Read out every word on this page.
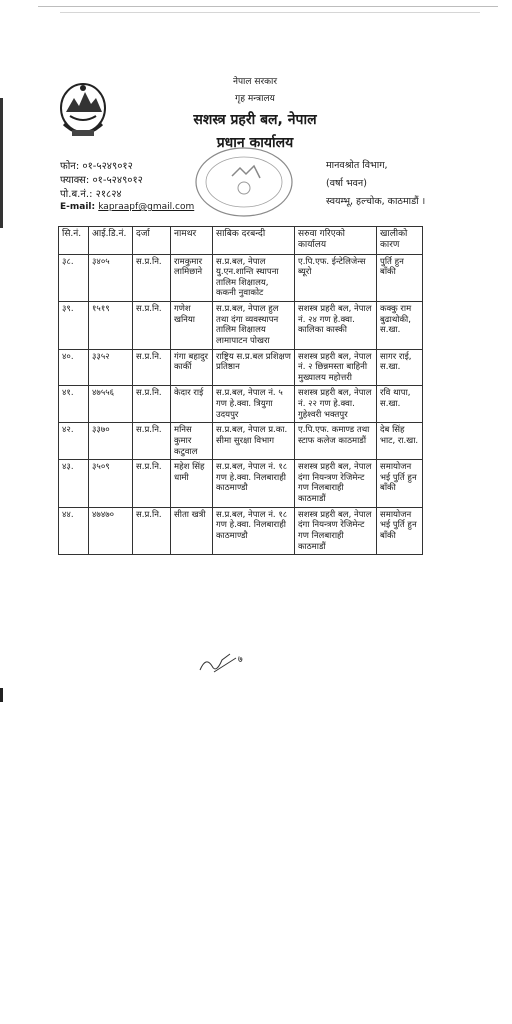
नेपाल सरकार
गृह मन्त्रालय
सशस्त्र प्रहरी बल, नेपाल
प्रधान कार्यालय
फोन: ०१-५२४९०१२
फ्याक्स: ०१-५२४९०१२
पो.ब.नं.: २१८२४
E-mail: kapraapf@gmail.com
मानवश्रोत विभाग,
(वर्षा भवन)
स्वयम्भू, हल्चोक, काठमाडौं ।
सि.नं.	आई.डि.नं.	दर्जा	नामथर	साबिक दरबन्दी	सरुवा गरिएको कार्यालय	खालीको कारण
३८.	३४०५	स.प्र.नि.	रामकुमार लामिछाने	स.प्र.बल, नेपाल यु.एन.शान्ति स्थापना तालिम शिक्षालय, ककनी नुवाकोट	ए.पि.एफ. ईन्टेलिजेन्स ब्यूरो	पुर्ति हुन बाँकी
३९.	१५१९	स.प्र.नि.	गणेश खनिया	स.प्र.बल, नेपाल हुल तथा दंगा व्यवस्थापन तालिम शिक्षालय लामापाटन पोखरा	सशस्त्र प्रहरी बल, नेपाल नं. २४ गण हे.क्वा. कालिका कास्की	कक्कु राम बुढाथोकी, स.खा.
४०.	३३५२	स.प्र.नि.	गंगा बहादुर कार्की	राष्ट्रिय स.प्र.बल प्रशिक्षण प्रतिष्ठान	सशस्त्र प्रहरी बल, नेपाल नं. २ छिन्नमस्ता बाहिनी मुख्यालय महोत्तरी	सागर राई, स.खा.
४१.	४७५५६	स.प्र.नि.	केदार राई	स.प्र.बल, नेपाल नं. ५ गण हे.क्वा. त्रियुगा उदयपुर	सशस्त्र प्रहरी बल, नेपाल नं. २२ गण हे.क्वा. गुहेश्वरी भक्तपुर	रवि थापा, स.खा.
४२.	३३७०	स.प्र.नि.	मनिस कुमार कटुवाल	स.प्र.बल, नेपाल प्र.का. सीमा सुरक्षा विभाग	ए.पि.एफ. कमाण्ड तथा स्टाफ कलेज काठमाडौं	देब सिंह भाट, रा.खा.
४३.	३५०९	स.प्र.नि.	महेश सिंह धामी	स.प्र.बल, नेपाल नं. १८ गण हे.क्वा. निलबाराही काठमाण्डौ	सशस्त्र प्रहरी बल, नेपाल दंगा नियन्त्रण रेजिमेन्ट गण निलबाराही काठमाडौं	समायोजन भई पुर्ति हुन बाँकी
४४.	४७४७०	स.प्र.नि.	सीता खत्री	स.प्र.बल, नेपाल नं. १८ गण हे.क्वा. निलबाराही काठमाण्डौ	सशस्त्र प्रहरी बल, नेपाल दंगा नियन्त्रण रेजिमेन्ट गण निलबाराही काठमाडौं	समायोजन भई पुर्ति हुन बाँकी
७
